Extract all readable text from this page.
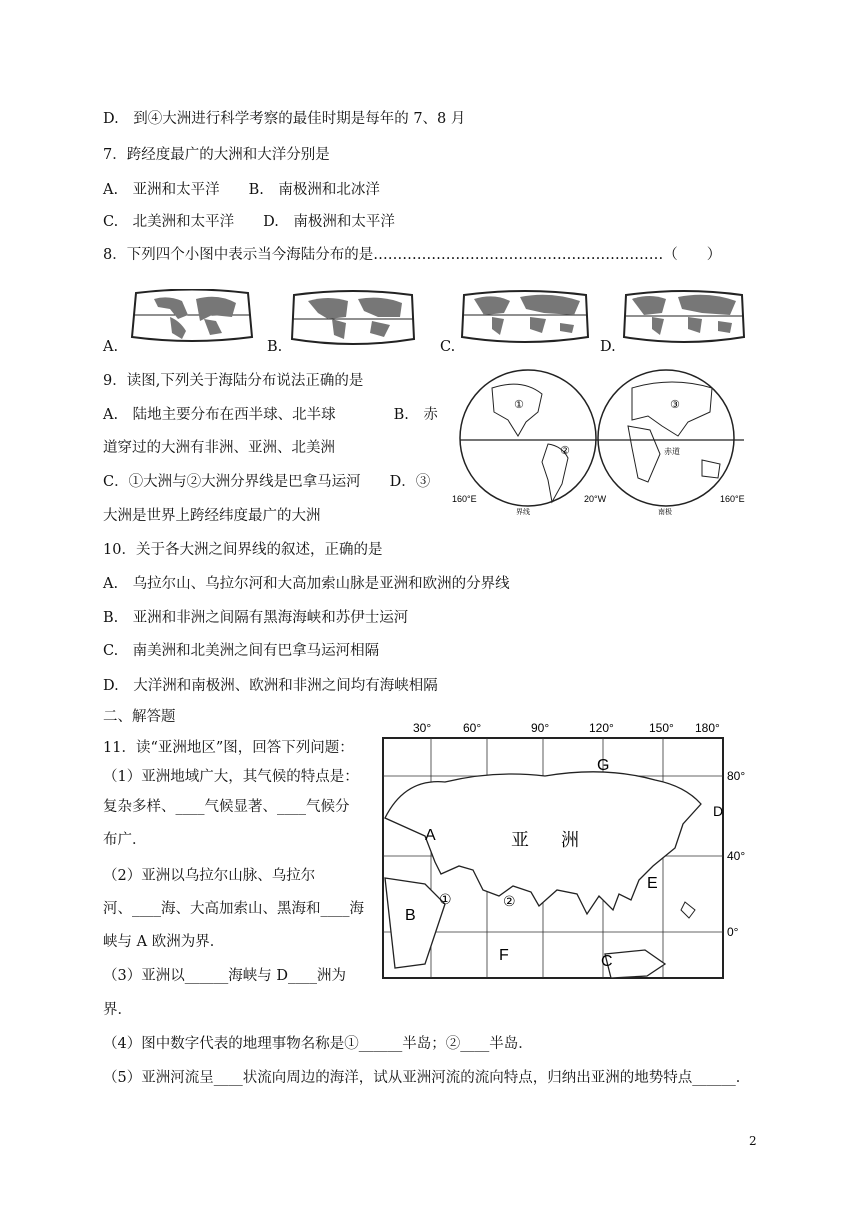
D.　到④大洲进行科学考察的最佳时期是每年的 7、8 月
7．跨经度最广的大洲和大洋分别是
A.　亚洲和太平洋　　B.　南极洲和北冰洋
C.　北美洲和太平洋　　D.　南极洲和太平洋
8．下列四个小图中表示当今海陆分布的是……………………………………………………（　　）
A.	B.	C.	D.
9．读图,下列关于海陆分布说法正确的是
A.　陆地主要分布在西半球、北半球　　　　B.　赤
道穿过的大洲有非洲、亚洲、北美洲
C．①大洲与②大洲分界线是巴拿马运河　　D．③
大洲是世界上跨经纬度最广的大洲
①
②
③
赤道
160°E	20°W	160°E
界线	南极
10．关于各大洲之间界线的叙述，正确的是
A.　乌拉尔山、乌拉尔河和大高加索山脉是亚洲和欧洲的分界线
B.　亚洲和非洲之间隔有黑海海峡和苏伊士运河
C.　南美洲和北美洲之间有巴拿马运河相隔
D.　大洋洲和南极洲、欧洲和非洲之间均有海峡相隔
二、解答题
11．读“亚洲地区”图，回答下列问题：
（1）亚洲地域广大，其气候的特点是：
复杂多样、____气候显著、____气候分
布广．
（2）亚洲以乌拉尔山脉、乌拉尔
河、____海、大高加索山、黑海和____海
峡与 A 欧洲为界．
（3）亚洲以______海峡与 D____洲为
界．
30°	60°	90°	120°	150° 180°
80°
40°
0°
G
A
E
B
F	C
D
亚 洲
①	②
（4）图中数字代表的地理事物名称是①______半岛；②____半岛．
（5）亚洲河流呈____状流向周边的海洋，试从亚洲河流的流向特点，归纳出亚洲的地势特点______．
2
